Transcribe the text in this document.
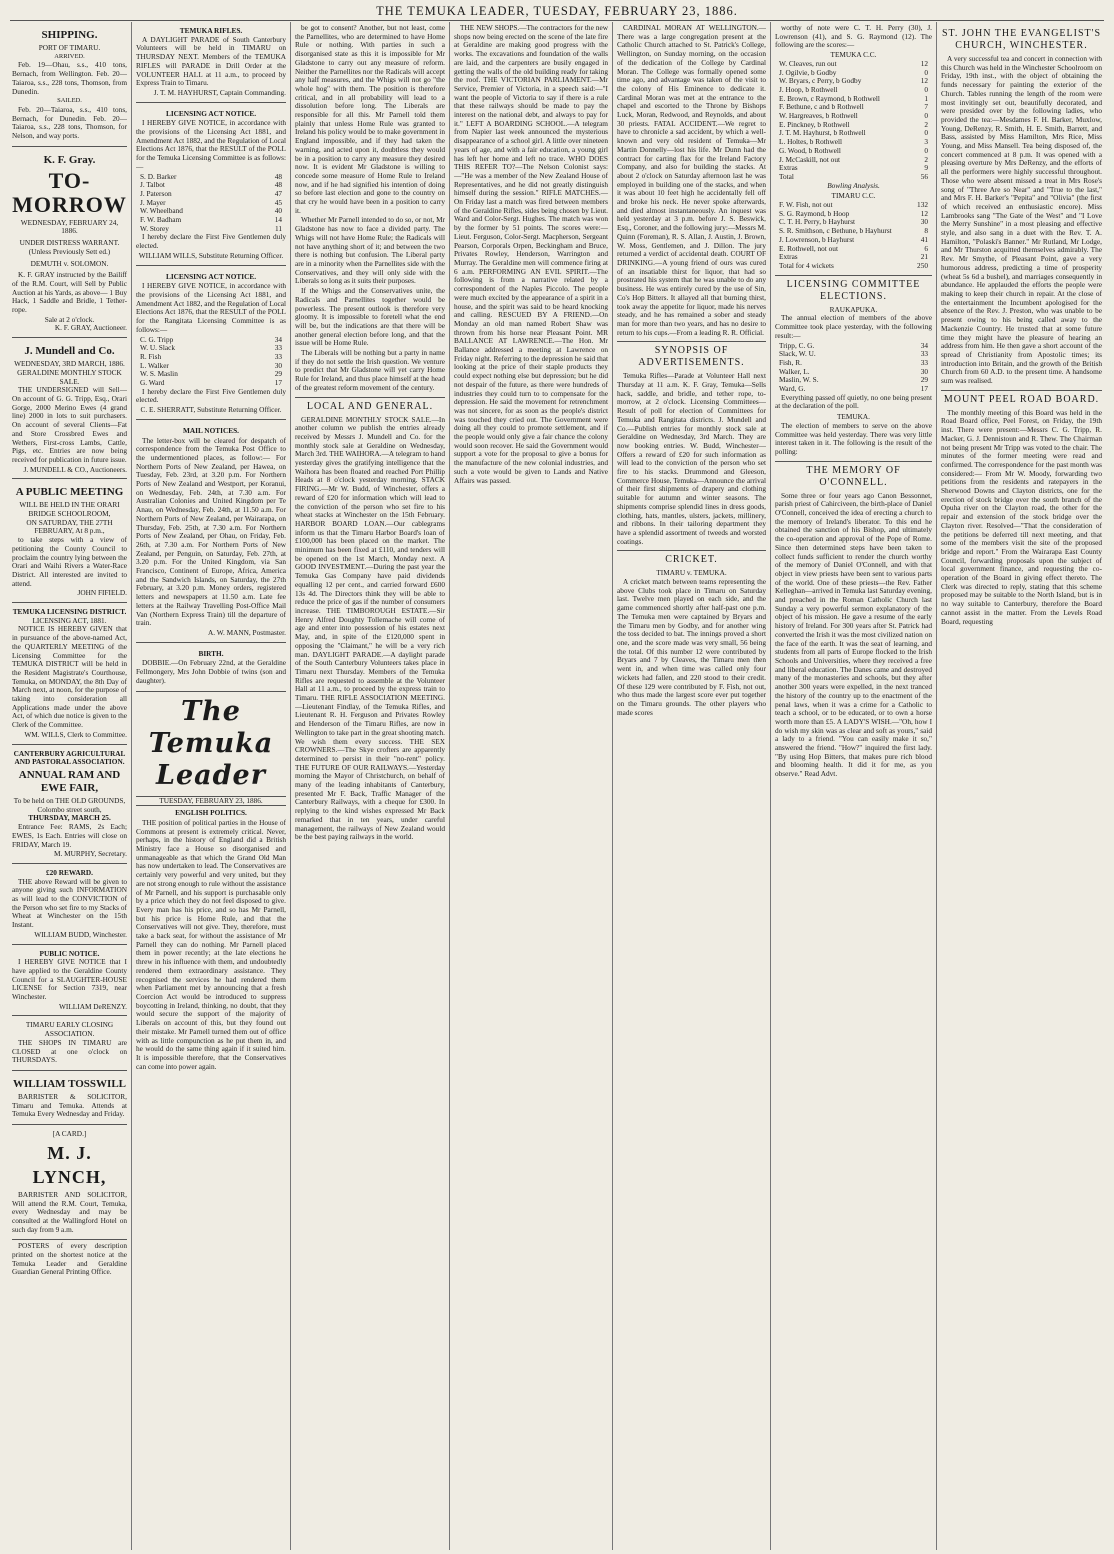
THE TEMUKA LEADER, TUESDAY, FEBRUARY 23, 1886.
SHIPPING.
PORT OF TIMARU.
ARRIVED.

Feb. 19—Ohau, s.s., 410 tons, Bernach, from Wellington. Feb. 20—Taiaroa, s.s., 228 tons, Thomson, from Dunedin.

SAILED.

Feb. 20—Taiaroa, s.s., 410 tons, Bernach, for Dunedin. Feb. 20—Taiaroa, s.s., 228 tons, Thomson, for Nelson, and way ports.

K. F. Gray.
TO-MORROW
WEDNESDAY, FEBRUARY 24, 1886.
UNDER DISTRESS WARRANT.
(Unless Previously Sett ed.)
DEMUTH v. SOLOMON.

K. F. GRAY instructed by the Bailiff of the R.M. Court, will Sell by Public Auction at his Yards, as above— 1 Buy Hack, 1 Saddle and Bridle, 1 Tether-rope.

Sale at 2 o'clock.
K. F. GRAY, Auctioneer.
J. Mundell and Co.
WEDNESDAY, 3RD MARCH, 1886.
GERALDINE MONTHLY STOCK SALE.

THE UNDERSIGNED will Sell—On account of G. G. Tripp, Esq., Orari Gorge, 2000 Merino Ewes (4 grand line) 2000 in lots to suit purchasers. On account of several Clients—Fat and Store Crossbred Ewes and Wethers, First-cross Lambs, Cattle, Pigs, etc. Entries are now being received for publication in future issue.

J. MUNDELL & CO., Auctioneers.
A PUBLIC MEETING
WILL BE HELD IN THE ORARI BRIDGE SCHOOLROOM,
ON SATURDAY, THE 27TH FEBRUARY, At 8 p.m.,

to take steps with a view of petitioning the County Council to proclaim the country lying between the Orari and Waihi Rivers a Water-Race District. All interested are invited to attend.

JOHN FIFIELD.
TEMUKA LICENSING DISTRICT.
LICENSING ACT, 1881.

NOTICE IS HEREBY GIVEN that in pursuance of the above-named Act, the QUARTERLY MEETING of the Licensing Committee for the TEMUKA DISTRICT will be held in the Resident Magistrate's Courthouse, Temuka, on MONDAY, the 8th Day of March next, at noon, for the purpose of taking into consideration all Applications made under the above Act, of which due notice is given to the Clerk of the Committee.

WM. WILLS, Clerk to Committee.
CANTERBURY AGRICULTURAL AND PASTORAL ASSOCIATION.
ANNUAL RAM AND EWE FAIR,
To be held on THE OLD GROUNDS,
Colombo street south,
THURSDAY, MARCH 25.

Entrance Fee: RAMS, 2s Each; EWES, 1s Each. Entries will close on FRIDAY, March 19.

M. MURPHY, Secretary.
£20 REWARD.

THE above Reward will be given to anyone giving such INFORMATION as will lead to the CONVICTION of the Person who set fire to my Stacks of Wheat at Winchester on the 15th Instant.

WILLIAM BUDD, Winchester.
PUBLIC NOTICE.

I HEREBY GIVE NOTICE that I have applied to the Geraldine County Council for a SLAUGHTER-HOUSE LICENSE for Section 7319, near Winchester.

WILLIAM DeRENZY.
TIMARU EARLY CLOSING ASSOCIATION.

THE SHOPS IN TIMARU are CLOSED at one o'clock on THURSDAYS.

WILLIAM TOSSWILL

BARRISTER & SOLICITOR, Timaru and Temuka. Attends at Temuka Every Wednesday and Friday.

[A CARD.]
M. J. LYNCH,

BARRISTER AND SOLICITOR, Will attend the R.M. Court, Temuka, every Wednesday and may be consulted at the Wallingford Hotel on such day from 9 a.m.

POSTERS of every description printed on the shortest notice at the Temuka Leader and Geraldine Guardian General Printing Office.

TEMUKA RIFLES.

A DAYLIGHT PARADE of South Canterbury Volunteers will be held in TIMARU on THURSDAY NEXT. Members of the TEMUKA RIFLES will PARADE in Drill Order at the VOLUNTEER HALL at 11 a.m., to proceed by Express Train to Timaru.

J. T. M. HAYHURST, Captain Commanding.
LICENSING ACT NOTICE.

I HEREBY GIVE NOTICE, in accordance with the provisions of the Licensing Act 1881, and Amendment Act 1882, and the Regulation of Local Elections Act 1876, that the RESULT of the POLL for the Temuka Licensing Committee is as follows:—

S. D. Barker	48
J. Talbot	48
J. Paterson	47
J. Mayer	45
W. Wheelband	40
F. W. Badham	14
W. Storey	11

I hereby declare the First Five Gentlemen duly elected.

WILLIAM WILLS, Substitute Returning Officer.
LICENSING ACT NOTICE.

I HEREBY GIVE NOTICE, in accordance with the provisions of the Licensing Act 1881, and Amendment Act 1882, and the Regulation of Local Elections Act 1876, that the RESULT of the POLL for the Rangitata Licensing Committee is as follows:—

C. G. Tripp	34
W. U. Slack	33
R. Fish	33
L. Walker	30
W. S. Maslin	29
G. Ward	17

I hereby declare the First Five Gentlemen duly elected.

C. E. SHERRATT, Substitute Returning Officer.
MAIL NOTICES.

The letter-box will be cleared for despatch of correspondence from the Temuka Post Office to the undermentioned places, as follow:— For Northern Ports of New Zealand, per Hawea, on Tuesday, Feb. 23rd, at 3.20 p.m. For Northern Ports of New Zealand and Westport, per Koranui, on Wednesday, Feb. 24th, at 7.30 a.m. For Australian Colonies and United Kingdom per Te Anau, on Wednesday, Feb. 24th, at 11.50 a.m. For Northern Ports of New Zealand, per Wairarapa, on Thursday, Feb. 25th, at 7.30 a.m. For Northern Ports of New Zealand, per Ohau, on Friday, Feb. 26th, at 7.30 a.m. For Northern Ports of New Zealand, per Penguin, on Saturday, Feb. 27th, at 3.20 p.m. For the United Kingdom, via San Francisco, Continent of Europe, Africa, America and the Sandwich Islands, on Saturday, the 27th February, at 3.20 p.m. Money orders, registered letters and newspapers at 11.50 a.m. Late fee letters at the Railway Travelling Post-Office Mail Van (Northern Express Train) till the departure of train.

A. W. MANN, Postmaster.
BIRTH.

DOBBIE.—On February 22nd, at the Geraldine Fellmongery, Mrs John Dobbie of twins (son and daughter).

The Temuka Leader
TUESDAY, FEBRUARY 23, 1886.
ENGLISH POLITICS.

THE position of political parties in the House of Commons at present is extremely critical. Never, perhaps, in the history of England did a British Ministry face a House so disorganised and unmanageable as that which the Grand Old Man has now undertaken to lead. The Conservatives are certainly very powerful and very united, but they are not strong enough to rule without the assistance of Mr Parnell, and his support is purchasable only by a price which they do not feel disposed to give. Every man has his price, and so has Mr Parnell, but his price is Home Rule, and that the Conservatives will not give. They, therefore, must take a back seat, for without the assistance of Mr Parnell they can do nothing. Mr Parnell placed them in power recently; at the late elections he threw in his influence with them, and undoubtedly rendered them extraordinary assistance. They recognised the services he had rendered them when Parliament met by announcing that a fresh Coercion Act would be introduced to suppress boycotting in Ireland, thinking, no doubt, that they would secure the support of the majority of Liberals on account of this, but they found out their mistake. Mr Parnell turned them out of office with as little compunction as he put them in, and he would do the same thing again if it suited him. It is impossible therefore, that the Conservatives can come into power again.

be got to consent? Another, but not least, come the Parnellites, who are determined to have Home Rule or nothing. With parties in such a disorganised state as this it is impossible for Mr Gladstone to carry out any measure of reform. Neither the Parnellites nor the Radicals will accept any half measures, and the Whigs will not go "the whole hog" with them. The position is therefore critical, and in all probability will lead to a dissolution before long. The Liberals are responsible for all this. Mr Parnell told them plainly that unless Home Rule was granted to Ireland his policy would be to make government in England impossible, and if they had taken the warning, and acted upon it, doubtless they would be in a position to carry any measure they desired now. It is evident Mr Gladstone is willing to concede some measure of Home Rule to Ireland now, and if he had signified his intention of doing so before last election and gone to the country on that cry he would have been in a position to carry it.

Whether Mr Parnell intended to do so, or not, Mr Gladstone has now to face a divided party. The Whigs will not have Home Rule; the Radicals will not have anything short of it; and between the two there is nothing but confusion. The Liberal party are in a minority when the Parnellites side with the Conservatives, and they will only side with the Liberals so long as it suits their purposes.

If the Whigs and the Conservatives unite, the Radicals and Parnellites together would be powerless. The present outlook is therefore very gloomy. It is impossible to foretell what the end will be, but the indications are that there will be another general election before long, and that the issue will be Home Rule.

The Liberals will be nothing but a party in name if they do not settle the Irish question. We venture to predict that Mr Gladstone will yet carry Home Rule for Ireland, and thus place himself at the head of the greatest reform movement of the century.

LOCAL AND GENERAL.

GERALDINE MONTHLY STOCK SALE.—In another column we publish the entries already received by Messrs J. Mundell and Co. for the monthly stock sale at Geraldine on Wednesday, March 3rd. THE WAIHORA.—A telegram to hand yesterday gives the gratifying intelligence that the Waihora has been floated and reached Port Phillip Heads at 8 o'clock yesterday morning. STACK FIRING.—Mr W. Budd, of Winchester, offers a reward of £20 for information which will lead to the conviction of the person who set fire to his wheat stacks at Winchester on the 15th February. HARBOR BOARD LOAN.—Our cablegrams inform us that the Timaru Harbor Board's loan of £100,000 has been placed on the market. The minimum has been fixed at £110, and tenders will be opened on the 1st March, Monday next. A GOOD INVESTMENT.—During the past year the Temuka Gas Company have paid dividends equalling 12 per cent., and carried forward £600 13s 4d. The Directors think they will be able to reduce the price of gas if the number of consumers increase. THE TIMBOROUGH ESTATE.—Sir Henry Alfred Doughty Tollemache will come of age and enter into possession of his estates next May, and, in spite of the £120,000 spent in opposing the "Claimant," he will be a very rich man. DAYLIGHT PARADE.—A daylight parade of the South Canterbury Volunteers takes place in Timaru next Thursday. Members of the Temuka Rifles are requested to assemble at the Volunteer Hall at 11 a.m., to proceed by the express train to Timaru. THE RIFLE ASSOCIATION MEETING.—Lieutenant Findlay, of the Temuka Rifles, and Lieutenant R. H. Ferguson and Privates Rowley and Henderson of the Timaru Rifles, are now in Wellington to take part in the great shooting match. We wish them every success. THE SEX CROWNERS.—The Skye crofters are apparently determined to persist in their "no-rent" policy. THE FUTURE OF OUR RAILWAYS.—Yesterday morning the Mayor of Christchurch, on behalf of many of the leading inhabitants of Canterbury, presented Mr F. Back, Traffic Manager of the Canterbury Railways, with a cheque for £300. In replying to the kind wishes expressed Mr Back remarked that in ten years, under careful management, the railways of New Zealand would be the best paying railways in the world.

THE NEW SHOPS.—The contractors for the new shops now being erected on the scene of the late fire at Geraldine are making good progress with the works. The excavations and foundation of the walls are laid, and the carpenters are busily engaged in getting the walls of the old building ready for taking the roof. THE VICTORIAN PARLIAMENT.—Mr Service, Premier of Victoria, in a speech said:—"I want the people of Victoria to say if there is a rule that these railways should be made to pay the interest on the national debt, and always to pay for it." LEFT A BOARDING SCHOOL.—A telegram from Napier last week announced the mysterious disappearance of a school girl. A little over nineteen years of age, and with a fair education, a young girl has left her home and left no trace. WHO DOES THIS REFER TO?—The Nelson Colonist says:—"He was a member of the New Zealand House of Representatives, and he did not greatly distinguish himself during the session." RIFLE MATCHES.—On Friday last a match was fired between members of the Geraldine Rifles, sides being chosen by Lieut. Ward and Color-Sergt. Hughes. The match was won by the former by 51 points. The scores were:— Lieut. Ferguson, Color-Sergt. Macpherson, Sergeant Pearson, Corporals Orpen, Beckingham and Bruce, Privates Rowley, Henderson, Warrington and Murray. The Geraldine men will commence firing at 6 a.m. PERFORMING AN EVIL SPIRIT.—The following is from a narrative related by a correspondent of the Naples Piccolo. The people were much excited by the appearance of a spirit in a house, and the spirit was said to be heard knocking and calling. RESCUED BY A FRIEND.—On Monday an old man named Robert Shaw was thrown from his horse near Pleasant Point. MR BALLANCE AT LAWRENCE.—The Hon. Mr Ballance addressed a meeting at Lawrence on Friday night. Referring to the depression he said that looking at the price of their staple products they could expect nothing else but depression; but he did not despair of the future, as there were hundreds of industries they could turn to to compensate for the depression. He said the movement for retrenchment was not sincere, for as soon as the people's district was touched they cried out. The Government were doing all they could to promote settlement, and if the people would only give a fair chance the colony would soon recover. He said the Government would support a vote for the proposal to give a bonus for the manufacture of the new colonial industries, and such a vote would be given to Lands and Native Affairs was passed.

CARDINAL MORAN AT WELLINGTON.—There was a large congregation present at the Catholic Church attached to St. Patrick's College, Wellington, on Sunday morning, on the occasion of the dedication of the College by Cardinal Moran. The College was formally opened some time ago, and advantage was taken of the visit to the colony of His Eminence to dedicate it. Cardinal Moran was met at the entrance to the chapel and escorted to the Throne by Bishops Luck, Moran, Redwood, and Reynolds, and about 30 priests. FATAL ACCIDENT.—We regret to have to chronicle a sad accident, by which a well-known and very old resident of Temuka—Mr Martin Donnelly—lost his life. Mr Dunn had the contract for carting flax for the Ireland Factory Company, and also for building the stacks. At about 2 o'clock on Saturday afternoon last he was employed in building one of the stacks, and when it was about 10 feet high he accidentally fell off and broke his neck. He never spoke afterwards, and died almost instantaneously. An inquest was held yesterday at 3 p.m. before J. S. Beswick, Esq., Coroner, and the following jury:—Messrs M. Quinn (Foreman), R. S. Allan, J. Austin, J. Brown, W. Moss, Gentlemen, and J. Dillon. The jury returned a verdict of accidental death. COURT OF DRINKING.—A young friend of ours was cured of an insatiable thirst for liquor, that had so prostrated his system that he was unable to do any business. He was entirely cured by the use of Sin, Co's Hop Bitters. It allayed all that burning thirst, took away the appetite for liquor, made his nerves steady, and he has remained a sober and steady man for more than two years, and has no desire to return to his cups.—From a leading R. R. Official.

SYNOPSIS OF ADVERTISEMENTS.

Temuka Rifles—Parade at Volunteer Hall next Thursday at 11 a.m. K. F. Gray, Temuka—Sells hack, saddle, and bridle, and tether rope, to-morrow, at 2 o'clock. Licensing Committees—Result of poll for election of Committees for Temuka and Rangitata districts. J. Mundell and Co.—Publish entries for monthly stock sale at Geraldine on Wednesday, 3rd March. They are now booking entries. W. Budd, Winchester—Offers a reward of £20 for such information as will lead to the conviction of the person who set fire to his stacks. Drummond and Gleeson, Commerce House, Temuka—Announce the arrival of their first shipments of drapery and clothing suitable for autumn and winter seasons. The shipments comprise splendid lines in dress goods, clothing, hats, mantles, ulsters, jackets, millinery, and ribbons. In their tailoring department they have a splendid assortment of tweeds and worsted coatings.

CRICKET.
TIMARU v. TEMUKA.

A cricket match between teams representing the above Clubs took place in Timaru on Saturday last. Twelve men played on each side, and the game commenced shortly after half-past one p.m. The Temuka men were captained by Bryars and the Timaru men by Godby, and for another wing the toss decided to bat. The innings proved a short one, and the score made was very small, 56 being the total. Of this number 12 were contributed by Bryars and 7 by Cleaves, the Timaru men then went in, and when time was called only four wickets had fallen, and 220 stood to their credit. Of these 129 were contributed by F. Fish, not out, who thus made the largest score ever put together on the Timaru grounds. The other players who made scores

worthy of note were C. T. H. Perry (30), J. Lowrenson (41), and S. G. Raymond (12). The following are the scores:—

TEMUKA C.C.
W. Cleaves, run out	12
J. Ogilvie, b Godby	0
W. Bryars, c Perry, b Godby	12
J. Hoop, b Rothwell	0
E. Brown, c Raymond, b Rothwell	1
F. Bethune, c and b Rothwell	7
W. Hargreaves, b Rothwell	0
E. Pinckney, b Rothwell	2
J. T. M. Hayhurst, b Rothwell	0
L. Holtes, b Rothwell	3
G. Wood, b Rothwell	0
J. McCaskill, not out	2
Extras	9
Total	56
Bowling Analysis.
TIMARU C.C.
F. W. Fish, not out	132
S. G. Raymond, b Hoop	12
C. T. H. Perry, b Hayhurst	30
S. R. Smithson, c Bethune, b Hayhurst	8
J. Lowrenson, b Hayhurst	41
E. Rothwell, not out	6
Extras	21
Total for 4 wickets	250
LICENSING COMMITTEE ELECTIONS.
RAUKAPUKA.

The annual election of members of the above Committee took place yesterday, with the following result:—

Tripp, C. G.	34
Slack, W. U.	33
Fish, R.	33
Walker, L.	30
Maslin, W. S.	29
Ward, G.	17

Everything passed off quietly, no one being present at the declaration of the poll.

TEMUKA.

The election of members to serve on the above Committee was held yesterday. There was very little interest taken in it. The following is the result of the polling:

THE MEMORY OF O'CONNELL.

Some three or four years ago Canon Bessonnet, parish priest of Cahirciveen, the birth-place of Daniel O'Connell, conceived the idea of erecting a church to the memory of Ireland's liberator. To this end he obtained the sanction of his Bishop, and ultimately the co-operation and approval of the Pope of Rome. Since then determined steps have been taken to collect funds sufficient to render the church worthy of the memory of Daniel O'Connell, and with that object in view priests have been sent to various parts of the world. One of these priests—the Rev. Father Kelleghan—arrived in Temuka last Saturday evening, and preached in the Roman Catholic Church last Sunday a very powerful sermon explanatory of the object of his mission. He gave a resume of the early history of Ireland. For 300 years after St. Patrick had converted the Irish it was the most civilized nation on the face of the earth. It was the seat of learning, and students from all parts of Europe flocked to the Irish Schools and Universities, where they received a free and liberal education. The Danes came and destroyed many of the monasteries and schools, but they after another 300 years were expelled, in the next tranced the history of the country up to the enactment of the penal laws, when it was a crime for a Catholic to teach a school, or to be educated, or to own a horse worth more than £5. A LADY'S WISH.—"Oh, how I do wish my skin was as clear and soft as yours," said a lady to a friend. "You can easily make it so," answered the friend. "How?" inquired the first lady. "By using Hop Bitters, that makes pure rich blood and blooming health. It did it for me, as you observe." Read Advt.

ST. JOHN THE EVANGELIST'S CHURCH, WINCHESTER.

A very successful tea and concert in connection with this Church was held in the Winchester Schoolroom on Friday, 19th inst., with the object of obtaining the funds necessary for painting the exterior of the Church. Tables running the length of the room were most invitingly set out, beautifully decorated, and were presided over by the following ladies, who provided the tea:—Mesdames F. H. Barker, Muxlow, Young, DeRenzy, R. Smith, H. E. Smith, Barrett, and Bass, assisted by Miss Hamilton, Mrs Rice, Miss Young, and Miss Mansell. Tea being disposed of, the concert commenced at 8 p.m. It was opened with a pleasing overture by Mrs DeRenzy, and the efforts of all the performers were highly successful throughout. Those who were absent missed a treat in Mrs Rose's song of "Three Are so Near" and "True to the last," and Mrs F. H. Barker's "Pepita" and "Olivia" (the first of which received an enthusiastic encore). Miss Lambrooks sang "The Gate of the West" and "I Love the Merry Sunshine" in a most pleasing and effective style, and also sang in a duet with the Rev. T. A. Hamilton, "Polaski's Banner." Mr Rutland, Mr Lodge, and Mr Thurston acquitted themselves admirably. The Rev. Mr Smythe, of Pleasant Point, gave a very humorous address, predicting a time of prosperity (wheat 5s 6d a bushel), and marriages consequently in abundance. He applauded the efforts the people were making to keep their church in repair. At the close of the entertainment the Incumbent apologised for the absence of the Rev. J. Preston, who was unable to be present owing to his being called away to the Mackenzie Country. He trusted that at some future time they might have the pleasure of hearing an address from him. He then gave a short account of the spread of Christianity from Apostolic times; its introduction into Britain, and the growth of the British Church from 60 A.D. to the present time. A handsome sum was realised.

MOUNT PEEL ROAD BOARD.

The monthly meeting of this Board was held in the Road Board office, Peel Forest, on Friday, the 19th inst. There were present:—Messrs C. G. Tripp, R. Macker, G. J. Dennistoun and R. Thew. The Chairman not being present Mr Tripp was voted to the chair. The minutes of the former meeting were read and confirmed. The correspondence for the past month was considered:— From Mr W. Moody, forwarding two petitions from the residents and ratepayers in the Sherwood Downs and Clayton districts, one for the erection of stock bridge over the south branch of the Opuha river on the Clayton road, the other for the repair and extension of the stock bridge over the Clayton river. Resolved—"That the consideration of the petitions be deferred till next meeting, and that some of the members visit the site of the proposed bridge and report." From the Wairarapa East County Council, forwarding proposals upon the subject of local government finance, and requesting the co-operation of the Board in giving effect thereto. The Clerk was directed to reply, stating that this scheme proposed may be suitable to the North Island, but is in no way suitable to Canterbury, therefore the Board cannot assist in the matter. From the Levels Road Board, requesting
